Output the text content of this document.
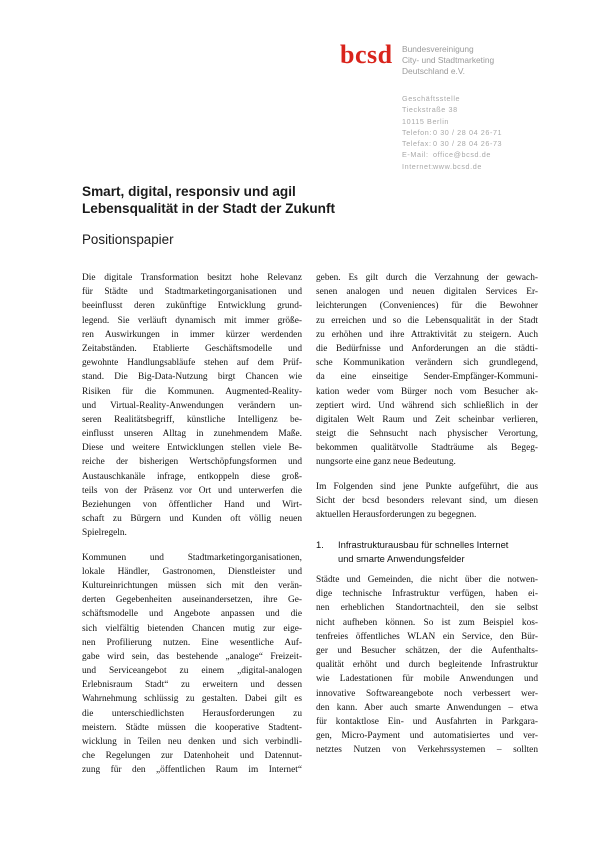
bcsd Bundesvereinigung
City- und Stadtmarketing
Deutschland e.V.
Geschäftsstelle
Tieckstraße 38
10115 Berlin
Telefon: 0 30 / 28 04 26-71
Telefax: 0 30 / 28 04 26-73
E-Mail: office@bcsd.de
Internet: www.bcsd.de
Smart, digital, responsiv und agil
Lebensqualität in der Stadt der Zukunft
Positionspapier
Die digitale Transformation besitzt hohe Relevanz
für Städte und Stadtmarketingorganisationen und
beeinflusst deren zukünftige Entwicklung grund-
legend. Sie verläuft dynamisch mit immer größe-
ren Auswirkungen in immer kürzer werdenden
Zeitabständen. Etablierte Geschäftsmodelle und
gewohnte Handlungsabläufe stehen auf dem Prüf-
stand. Die Big-Data-Nutzung birgt Chancen wie
Risiken für die Kommunen. Augmented-Reality-
und Virtual-Reality-Anwendungen verändern un-
seren Realitätsbegriff, künstliche Intelligenz be-
einflusst unseren Alltag in zunehmendem Maße.
Diese und weitere Entwicklungen stellen viele Be-
reiche der bisherigen Wertschöpfungsformen und
Austauschkanäle infrage, entkoppeln diese groß-
teils von der Präsenz vor Ort und unterwerfen die
Beziehungen von öffentlicher Hand und Wirt-
schaft zu Bürgern und Kunden oft völlig neuen
Spielregeln.
Kommunen und Stadtmarketingorganisationen,
lokale Händler, Gastronomen, Dienstleister und
Kultureinrichtungen müssen sich mit den verän-
derten Gegebenheiten auseinandersetzen, ihre Ge-
schäftsmodelle und Angebote anpassen und die
sich vielfältig bietenden Chancen mutig zur eige-
nen Profilierung nutzen. Eine wesentliche Auf-
gabe wird sein, das bestehende „analoge“ Freizeit-
und Serviceangebot zu einem „digital-analogen
Erlebnisraum Stadt“ zu erweitern und dessen
Wahrnehmung schlüssig zu gestalten. Dabei gilt es
die unterschiedlichsten Herausforderungen zu
meistern. Städte müssen die kooperative Stadtent-
wicklung in Teilen neu denken und sich verbindli-
che Regelungen zur Datenhoheit und Datennut-
zung für den „öffentlichen Raum im Internet“
geben. Es gilt durch die Verzahnung der gewach-
senen analogen und neuen digitalen Services Er-
leichterungen (Conveniences) für die Bewohner
zu erreichen und so die Lebensqualität in der Stadt
zu erhöhen und ihre Attraktivität zu steigern. Auch
die Bedürfnisse und Anforderungen an die städti-
sche Kommunikation verändern sich grundlegend,
da eine einseitige Sender-Empfänger-Kommuni-
kation weder vom Bürger noch vom Besucher ak-
zeptiert wird. Und während sich schließlich in der
digitalen Welt Raum und Zeit scheinbar verlieren,
steigt die Sehnsucht nach physischer Verortung,
bekommen qualitätvolle Stadträume als Begeg-
nungsorte eine ganz neue Bedeutung.
Im Folgenden sind jene Punkte aufgeführt, die aus
Sicht der bcsd besonders relevant sind, um diesen
aktuellen Herausforderungen zu begegnen.
1.	Infrastrukturausbau für schnelles Internet
und smarte Anwendungsfelder
Städte und Gemeinden, die nicht über die notwen-
dige technische Infrastruktur verfügen, haben ei-
nen erheblichen Standortnachteil, den sie selbst
nicht aufheben können. So ist zum Beispiel kos-
tenfreies öffentliches WLAN ein Service, den Bür-
ger und Besucher schätzen, der die Aufenthalts-
qualität erhöht und durch begleitende Infrastruktur
wie Ladestationen für mobile Anwendungen und
innovative Softwareangebote noch verbessert wer-
den kann. Aber auch smarte Anwendungen – etwa
für kontaktlose Ein- und Ausfahrten in Parkgara-
gen, Micro-Payment und automatisiertes und ver-
netztes Nutzen von Verkehrssystemen – sollten
